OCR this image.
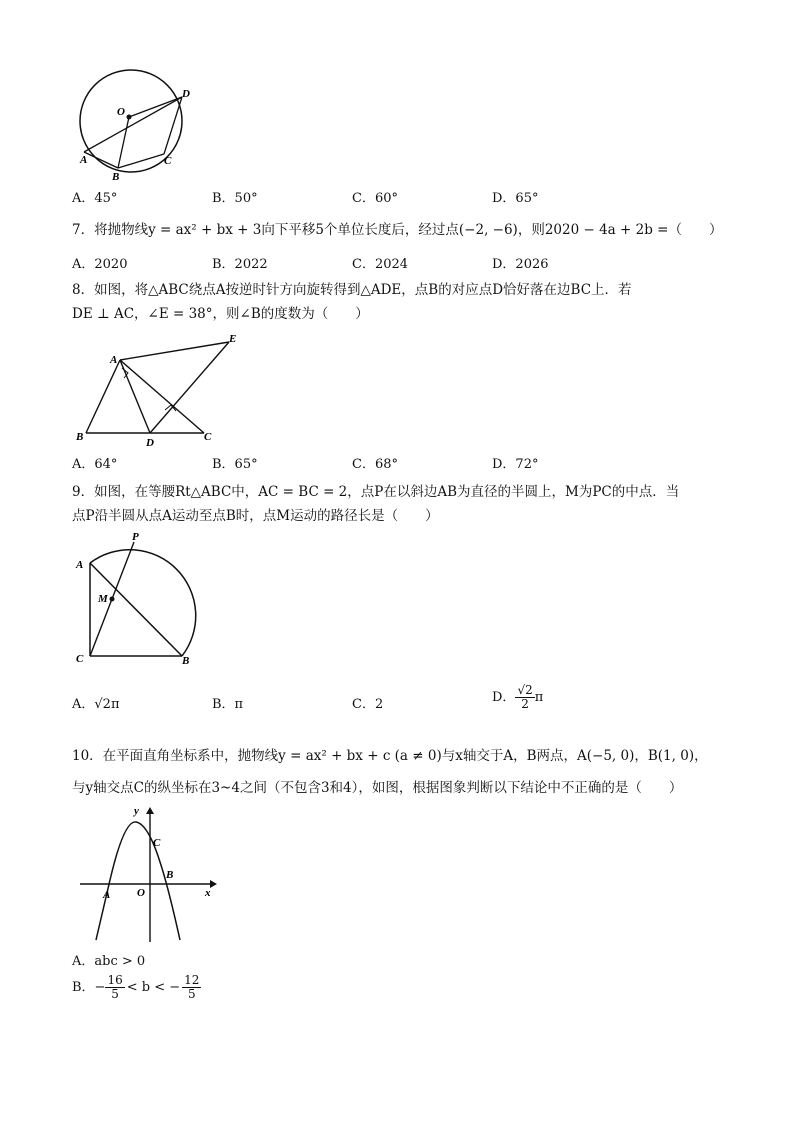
O
D
A
B
C
A．45°	B．50°	C．60°	D．65°
7．将抛物线y = ax² + bx + 3向下平移5个单位长度后，经过点(−2, −6)，则2020 − 4a + 2b =（　　）
A．2020	B．2022	C．2024	D．2026
8．如图，将△ABC绕点A按逆时针方向旋转得到△ADE，点B的对应点D恰好落在边BC上．若
DE ⊥ AC，∠E = 38°，则∠B的度数为（　　）
A
E
B	D	C
A．64°	B．65°	C．68°	D．72°
9．如图，在等腰Rt△ABC中，AC = BC = 2，点P在以斜边AB为直径的半圆上，M为PC的中点．当
点P沿半圆从点A运动至点B时，点M运动的路径长是（　　）
P
A
M
C	B
A．√2π	B．π	C．2	D． $\frac{√2}{2}$ π
10．在平面直角坐标系中，抛物线y = ax² + bx + c (a ≠ 0)与x轴交于A，B两点，A(−5, 0)，B(1, 0)，
与y轴交点C的纵坐标在3~4之间（不包含3和4），如图，根据图象判断以下结论中不正确的是（　　）
y
C
A O
B
x
A．abc > 0
B．− $\frac{16}{5} < b$ < − $\frac{12}{5}$
